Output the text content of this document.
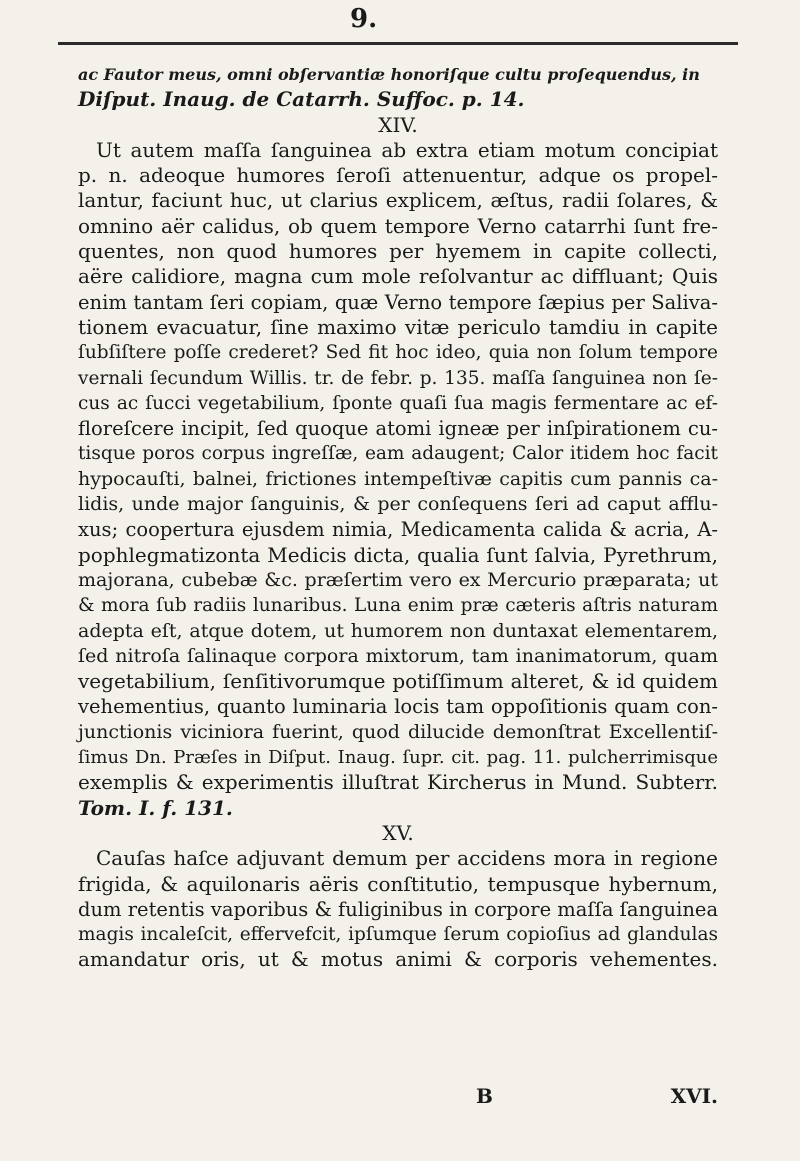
9.
ac Fautor meus, omni obſervantiæ honoriſque cultu proſequendus, in
Diſput. Inaug. de Catarrh. Suffoc. p. 14.
XIV.
Ut autem maſſa ſanguinea ab extra etiam motum concipiat
p. n. adeoque humores ſeroſi attenuentur, adque os propel-
lantur, faciunt huc, ut clarius explicem, æſtus, radii ſolares, &
omnino aër calidus, ob quem tempore Verno catarrhi ſunt fre-
quentes, non quod humores per hyemem in capite collecti,
aëre calidiore, magna cum mole reſolvantur ac diffluant; Quis
enim tantam ſeri copiam, quæ Verno tempore ſæpius per Saliva-
tionem evacuatur, ſine maximo vitæ periculo tamdiu in capite
ſubſiſtere poſſe crederet? Sed fit hoc ideo, quia non ſolum tempore
vernali ſecundum Willis. tr. de febr. p. 135. maſſa ſanguinea non ſe-
cus ac ſucci vegetabilium, ſponte quaſi ſua magis fermentare ac ef-
floreſcere incipit, ſed quoque atomi igneæ per inſpirationem cu-
tisque poros corpus ingreſſæ, eam adaugent; Calor itidem hoc facit
hypocauſti, balnei, frictiones intempeſtivæ capitis cum pannis ca-
lidis, unde major ſanguinis, & per conſequens ſeri ad caput afflu-
xus; coopertura ejusdem nimia, Medicamenta calida & acria, A-
pophlegmatizonta Medicis dicta, qualia ſunt ſalvia, Pyrethrum,
majorana, cubebæ &c. præſertim vero ex Mercurio præparata; ut
& mora ſub radiis lunaribus. Luna enim præ cæteris aſtris naturam
adepta eſt, atque dotem, ut humorem non duntaxat elementarem,
ſed nitroſa ſalinaque corpora mixtorum, tam inanimatorum, quam
vegetabilium, ſenſitivorumque potiſſimum alteret, & id quidem
vehementius, quanto luminaria locis tam oppoſitionis quam con-
junctionis viciniora fuerint, quod dilucide demonſtrat Excellentiſ-
ſimus Dn. Præſes in Diſput. Inaug. ſupr. cit. pag. 11. pulcherrimisque
exemplis & experimentis illuſtrat Kircherus in Mund. Subterr.
Tom. I. f. 131.
XV.
Cauſas haſce adjuvant demum per accidens mora in regione
frigida, & aquilonaris aëris conſtitutio, tempusque hybernum,
dum retentis vaporibus & fuliginibus in corpore maſſa ſanguinea
magis incaleſcit, effervefcit, ipſumque ſerum copioſius ad glandulas
amandatur oris, ut & motus animi & corporis vehementes.
B	XVI.
